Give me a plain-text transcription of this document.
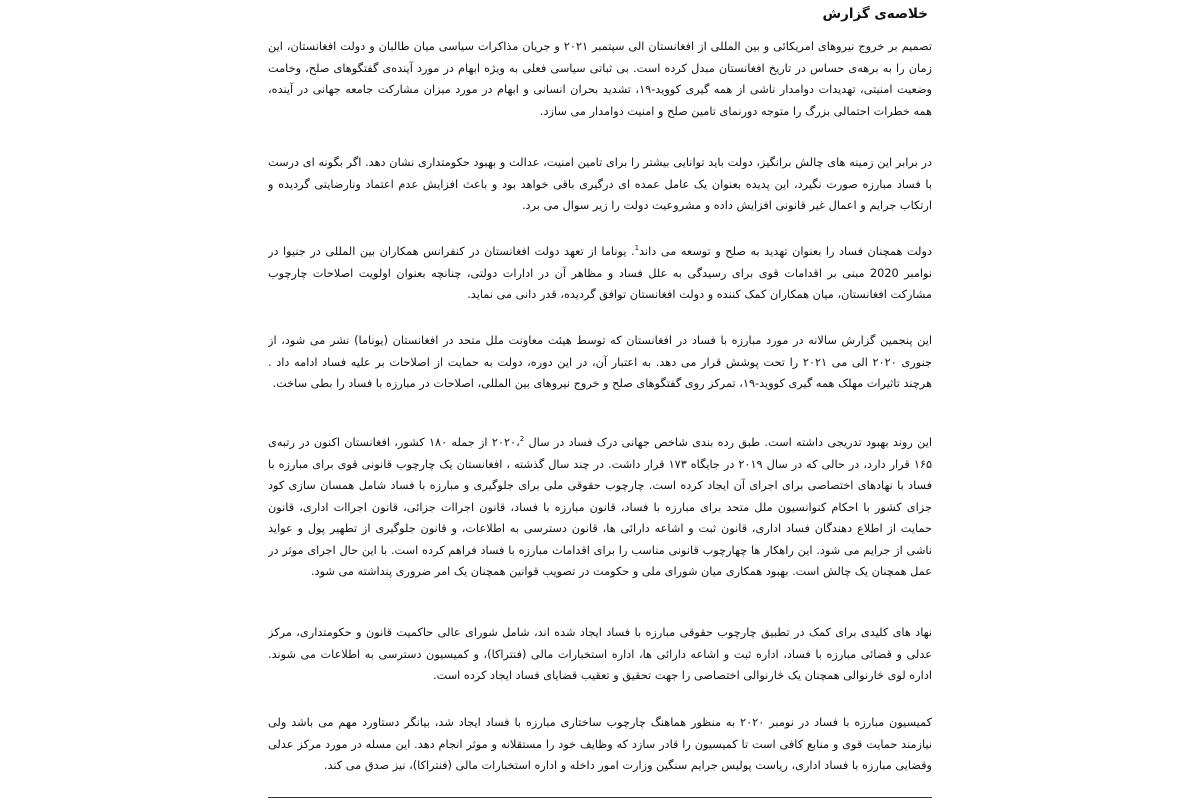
خلاصه‌ی گزارش

تصمیم بر خروج نیروهای امریکائی و بین المللی از افغانستان الی سپتمبر ۲۰۲۱ و جریان مذاکرات سیاسی میان طالبان و دولت افغانستان، این زمان را به برهه‌ی حساس در تاریخ افغانستان مبدل کرده است. بی ثباتی سیاسی فعلی به ویژه ابهام در مورد آینده‌ی گفتگوهای صلح، وخامت وضعیت امنیتی، تهدیدات دوامدار ناشی از همه گیری کووید-۱۹، تشدید بحران انسانی و ابهام در مورد میزان مشارکت جامعه جهانی در آینده، همه خطرات احتمالی بزرگ را متوجه دورنمای تامین صلح و امنیت دوامدار می سازد.

در برابر این زمینه های چالش برانگیز، دولت باید توانایی بیشتر را برای تامین امنیت، عدالت و بهبود حکومتداری نشان دهد. اگر بگونه ای درست با فساد مبارزه صورت نگیرد، این پدیده بعنوان یک عامل عمده ای درگیری باقی خواهد بود و باعث افزایش عدم اعتماد ونارضایتی گردیده و ارتکاب جرایم و اعمال غیر قانونی افزایش داده و مشروعیت دولت را زیر سوال می برد.

دولت همچنان فساد را بعنوان تهدید به صلح و توسعه می داند$^1$. یوناما از تعهد دولت افغانستان در کنفرانس همکاران بین المللی در جنیوا در نوامبر 2020 مبنی بر اقدامات قوی برای رسیدگی به علل فساد و مظاهر آن در ادارات دولتی، چنانچه بعنوان اولویت اصلاحات چارچوب مشارکت افغانستان، میان همکاران کمک کننده و دولت افغانستان توافق گردیده، قدر دانی می نماید.

این پنجمین گزارش سالانه در مورد مبارزه با فساد در افغانستان که توسط هیئت معاونت ملل متحد در افغانستان (یوناما) نشر می شود، از جنوری ۲۰۲۰ الی می ۲۰۲۱ را تحت پوشش قرار می دهد. به اعتبار آن، در این دوره، دولت به حمایت از اصلاحات بر علیه فساد ادامه داد . هرچند تاثیرات مهلک همه گیری کووید-۱۹، تمرکز روی گفتگوهای صلح و خروج نیروهای بین المللی، اصلاحات در مبارزه با فساد را بطی ساخت.

این روند بهبود تدریجی داشته است. طبق رده بندی شاخص جهانی درک فساد در سال ۲۰۲۰،$^2$ از جمله ۱۸۰ کشور، افغانستان اکنون در رتبه‌ی ۱۶۵ قرار دارد، در حالی که در سال ۲۰۱۹ در جایگاه ۱۷۳ قرار داشت. در چند سال گذشته ، افغانستان یک چارچوب قانونی قوی برای مبارزه با فساد با نهادهای اختصاصی برای اجرای آن ایجاد کرده است. چارچوب حقوقی ملی برای جلوگیری و مبارزه با فساد شامل همسان سازی کود جزای کشور با احکام کنوانسیون ملل متحد برای مبارزه با فساد، قانون مبارزه با فساد، قانون اجراات جزائی، قانون اجراات اداری، قانون حمایت از اطلاع دهندگان فساد اداری، قانون ثبت و اشاعه دارائی ها، قانون دسترسی به اطلاعات، و قانون جلوگیری از تطهیر پول و عواید ناشی از جرایم می شود. این راهکار ها چهارچوب قانونی مناسب را برای اقدامات مبارزه با فساد فراهم کرده است. با این حال اجرای موثر در عمل همچنان یک چالش است. بهبود همکاری میان شورای ملی و حکومت در تصویب قوانین همچنان یک امر ضروری پنداشته می شود.

نهاد های کلیدی برای کمک در تطبیق چارچوب حقوقی مبارزه با فساد ایجاد شده اند، شامل شورای عالی حاکمیت قانون و حکومتداری، مرکز عدلی و قضائی مبارزه با فساد، اداره ثبت و اشاعه دارائی ها، اداره استخبارات مالی (فنتراکا)، و کمیسیون دسترسی به اطلاعات می شوند. اداره لوی څارنوالی همچنان یک څارنوالی اختصاصی را جهت تحقیق و تعقیب قضایای فساد ایجاد کرده است.

کمیسیون مبارزه با فساد در نومبر ۲۰۲۰ به منظور هماهنگ چارچوب ساختاری مبارزه با فساد ایجاد شد، بیانگر دستاورد مهم می باشد ولی نیازمند حمایت قوی و منابع کافی است تا کمیسیون را قادر سازد که وظایف خود را مستقلانه و موثر انجام دهد. این مسله در مورد مرکز عدلی وقضایی مبارزه با فساد اداری، ریاست پولیس جرایم سنگین وزارت امور داخله و اداره استخبارات مالی (فنتراکا)، نیز صدق می کند.
